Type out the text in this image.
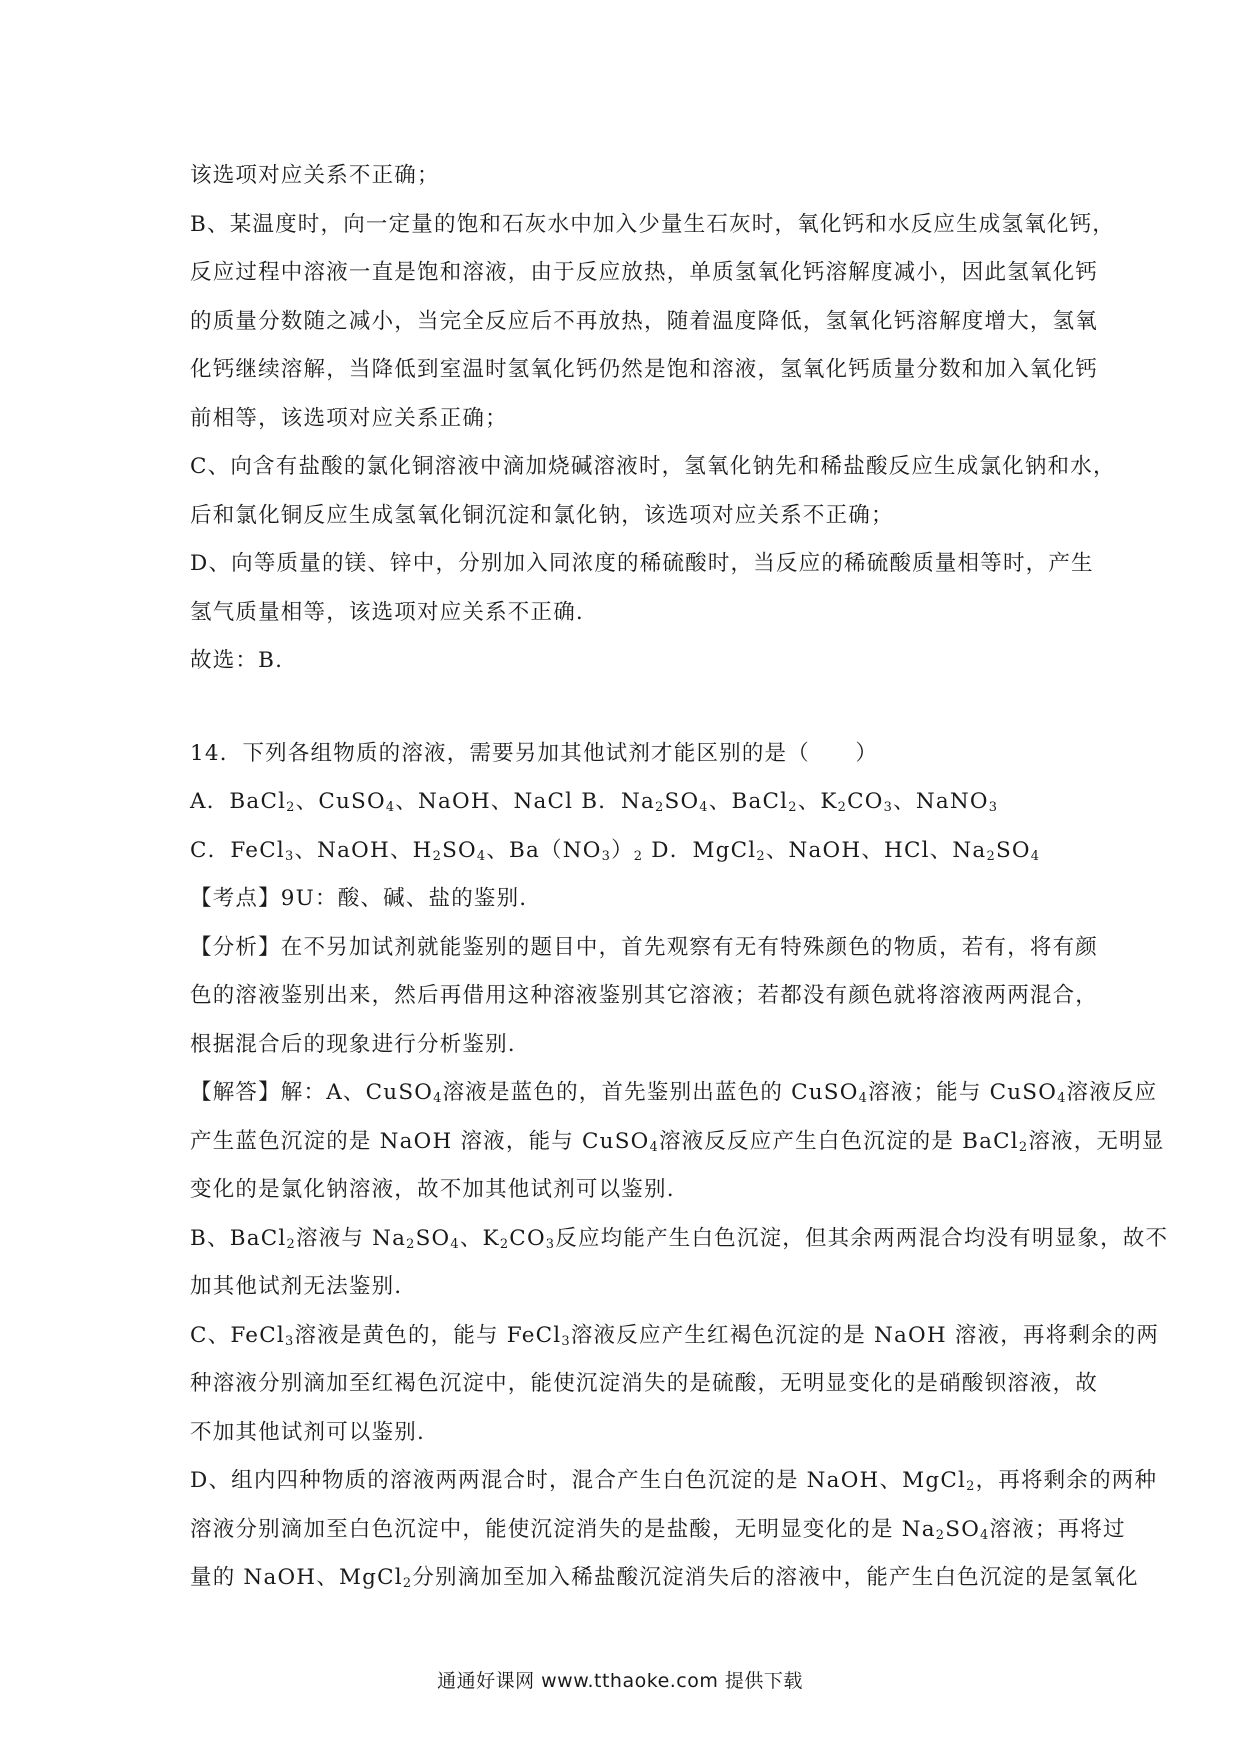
该选项对应关系不正确；
B、某温度时，向一定量的饱和石灰水中加入少量生石灰时，氧化钙和水反应生成氢氧化钙，
反应过程中溶液一直是饱和溶液，由于反应放热，单质氢氧化钙溶解度减小，因此氢氧化钙
的质量分数随之减小，当完全反应后不再放热，随着温度降低，氢氧化钙溶解度增大，氢氧
化钙继续溶解，当降低到室温时氢氧化钙仍然是饱和溶液，氢氧化钙质量分数和加入氧化钙
前相等，该选项对应关系正确；
C、向含有盐酸的氯化铜溶液中滴加烧碱溶液时，氢氧化钠先和稀盐酸反应生成氯化钠和水，
后和氯化铜反应生成氢氧化铜沉淀和氯化钠，该选项对应关系不正确；
D、向等质量的镁、锌中，分别加入同浓度的稀硫酸时，当反应的稀硫酸质量相等时，产生
氢气质量相等，该选项对应关系不正确.
故选：B.
14．下列各组物质的溶液，需要另加其他试剂才能区别的是（　　）
A．BaCl$_2$、CuSO$_4$、NaOH、NaCl B．$Na_2SO_4$、BaCl$_2$、$K_2CO_3$、NaNO$_3$
C．FeCl$_3$、NaOH、$H_2SO_4$、$Ba(NO_3)_2$ D．MgCl$_2$、NaOH、HCl、$Na_2SO_4$
【考点】9U：酸、碱、盐的鉴别.
【分析】在不另加试剂就能鉴别的题目中，首先观察有无有特殊颜色的物质，若有，将有颜
色的溶液鉴别出来，然后再借用这种溶液鉴别其它溶液；若都没有颜色就将溶液两两混合，
根据混合后的现象进行分析鉴别.
【解答】解：A、CuSO$_4$溶液是蓝色的，首先鉴别出蓝色的 CuSO$_4$溶液；能与 CuSO$_4$溶液反应
产生蓝色沉淀的是 NaOH 溶液，能与 CuSO$_4$溶液反反应产生白色沉淀的是 BaCl$_2$溶液，无明显
变化的是氯化钠溶液，故不加其他试剂可以鉴别.
B、BaCl$_2$溶液与 $Na_2SO_4$、$K_2CO_3$反应均能产生白色沉淀，但其余两两混合均没有明显象，故不
加其他试剂无法鉴别.
C、FeCl$_3$溶液是黄色的，能与 FeCl$_3$溶液反应产生红褐色沉淀的是 NaOH 溶液，再将剩余的两
种溶液分别滴加至红褐色沉淀中，能使沉淀消失的是硫酸，无明显变化的是硝酸钡溶液，故
不加其他试剂可以鉴别.
D、组内四种物质的溶液两两混合时，混合产生白色沉淀的是 NaOH、MgCl$_2$，再将剩余的两种
溶液分别滴加至白色沉淀中，能使沉淀消失的是盐酸，无明显变化的是 $Na_2SO_4$溶液；再将过
量的 NaOH、MgCl$_2$分别滴加至加入稀盐酸沉淀消失后的溶液中，能产生白色沉淀的是氢氧化
通通好课网 www.tthaoke.com 提供下载
